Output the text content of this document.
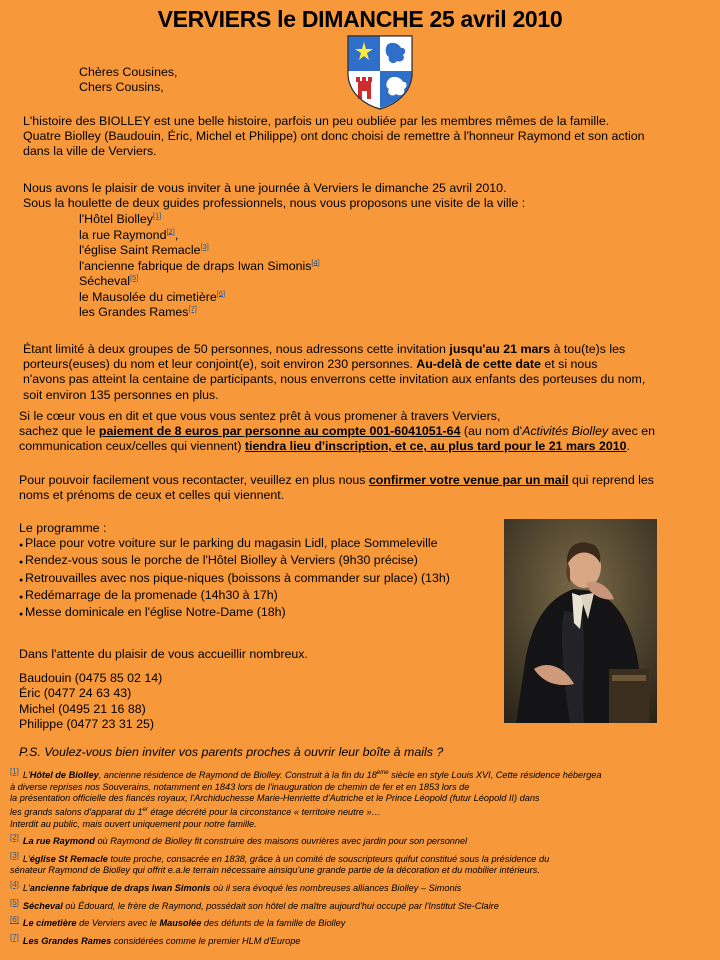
VERVIERS le DIMANCHE 25 avril 2010
Chères Cousines,
Chers Cousins,
L'histoire des BIOLLEY est une belle histoire, parfois un peu oubliée par les membres mêmes de la famille.
Quatre Biolley (Baudouin, Éric, Michel et Philippe) ont donc choisi de remettre à l'honneur Raymond et son action
dans la ville de Verviers.
Nous avons le plaisir de vous inviter à une journée à Verviers le dimanche 25 avril 2010.
Sous la houlette de deux guides professionnels, nous vous proposons une visite de la ville :
l'Hôtel Biolley[1]
la rue Raymond[2],
l'église Saint Remacle[3]
l'ancienne fabrique de draps Iwan Simonis[4]
Sécheval[5]
le Mausolée du cimetière[6]
les Grandes Rames[7]
Étant limité à deux groupes de 50 personnes, nous adressons cette invitation jusqu'au 21 mars à tou(te)s les
porteurs(euses) du nom et leur conjoint(e), soit environ 230 personnes. Au-delà de cette date et si nous
n'avons pas atteint la centaine de participants, nous enverrons cette invitation aux enfants des porteuses du nom,
soit environ 135 personnes en plus.
Si le cœur vous en dit et que vous vous sentez prêt à vous promener à travers Verviers,
sachez que le paiement de 8 euros par personne au compte 001-6041051-64 (au nom d'Activités Biolley avec en
communication ceux/celles qui viennent) tiendra lieu d'inscription, et ce, au plus tard pour le 21 mars 2010.
Pour pouvoir facilement vous recontacter, veuillez en plus nous confirmer votre venue par un mail qui reprend les
noms et prénoms de ceux et celles qui viennent.
Le programme :
● Place pour votre voiture sur le parking du magasin Lidl, place Sommeleville
● Rendez-vous sous le porche de l'Hôtel Biolley à Verviers (9h30 précise)
● Retrouvailles avec nos pique-niques (boissons à commander sur place) (13h)
● Redémarrage de la promenade (14h30 à 17h)
● Messe dominicale en l'église Notre-Dame (18h)
Dans l'attente du plaisir de vous accueillir nombreux.
Baudouin (0475 85 02 14)
Éric (0477 24 63 43)
Michel (0495 21 16 88)
Philippe (0477 23 31 25)
P.S. Voulez-vous bien inviter vos parents proches à ouvrir leur boîte à mails ?
[1] L'Hôtel de Biolley, ancienne résidence de Raymond de Biolley. Construit à la fin du 18ème siècle en style Louis XVI, Cette résidence hébergea
à diverse reprises nos Souverains, notamment en 1843 lors de l'inauguration de chemin de fer et en 1853 lors de
la présentation officielle des fiancés royaux, l'Archiduchesse Marie-Henriette d'Autriche et le Prince Léopold (futur Léopold II) dans
les grands salons d'apparat du 1er étage décrété pour la circonstance « territoire neutre »…
Interdit au public, mais ouvert uniquement pour notre famille.
[2] La rue Raymond où Raymond de Biolley fit construire des maisons ouvrières avec jardin pour son personnel
[3] L'église St Remacle toute proche, consacrée en 1838, grâce à un comité de souscripteurs quifut constitué sous la présidence du
sénateur Raymond de Biolley qui offrit e.a.le terrain nécessaire ainsiqu'une grande partie de la décoration et du mobilier intérieurs.
[4] L'ancienne fabrique de draps Iwan Simonis où il sera évoqué les nombreuses alliances Biolley – Simonis
[5] Sécheval où Édouard, le frère de Raymond, possédait son hôtel de maître aujourd'hui occupé par l'Institut Ste-Claire
[6] Le cimetière de Verviers avec le Mausolée des défunts de la famille de Biolley
[7] Les Grandes Rames considérées comme le premier HLM d'Europe
